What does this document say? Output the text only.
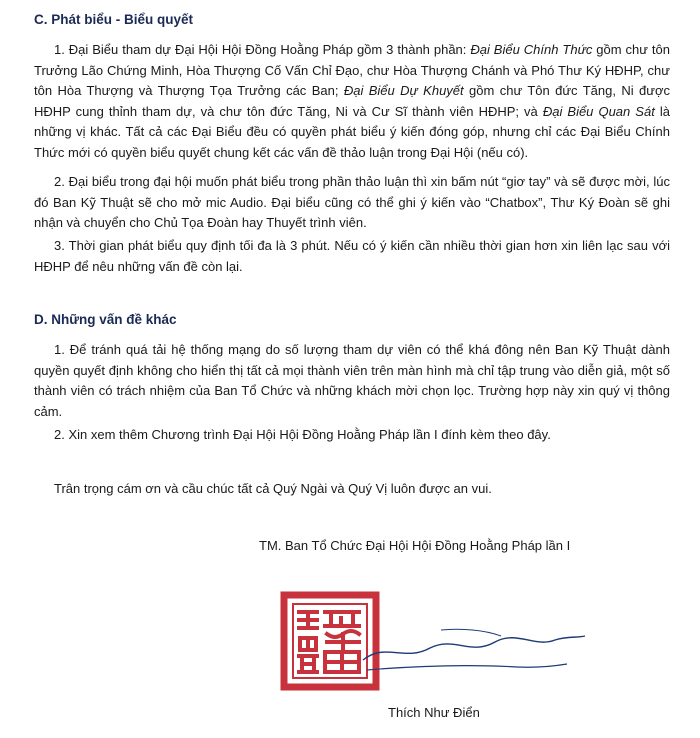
C. Phát biểu - Biểu quyết

1. Đại Biểu tham dự Đại Hội Hội Đồng Hoằng Pháp gồm 3 thành phần: Đại Biểu Chính Thức gồm chư tôn Trưởng Lão Chứng Minh, Hòa Thượng Cố Vấn Chỉ Đạo, chư Hòa Thượng Chánh và Phó Thư Ký HĐHP, chư tôn Hòa Thượng và Thượng Tọa Trưởng các Ban; Đại Biểu Dự Khuyết gồm chư Tôn đức Tăng, Ni được HĐHP cung thỉnh tham dự, và chư tôn đức Tăng, Ni và Cư Sĩ thành viên HĐHP; và Đại Biểu Quan Sát là những vị khác. Tất cả các Đại Biểu đều có quyền phát biểu ý kiến đóng góp, nhưng chỉ các Đại Biểu Chính Thức mới có quyền biểu quyết chung kết các vấn đề thảo luận trong Đại Hội (nếu có).

2. Đại biểu trong đại hội muốn phát biểu trong phần thảo luận thì xin bấm nút “giơ tay” và sẽ được mời, lúc đó Ban Kỹ Thuật sẽ cho mở mic Audio. Đại biểu cũng có thể ghi ý kiến vào “Chatbox”, Thư Ký Đoàn sẽ ghi nhận và chuyển cho Chủ Tọa Đoàn hay Thuyết trình viên.

3. Thời gian phát biểu quy định tối đa là 3 phút. Nếu có ý kiến cần nhiều thời gian hơn xin liên lạc sau với HĐHP để nêu những vấn đề còn lại.

D. Những vấn đề khác

1. Để tránh quá tải hệ thống mạng do số lượng tham dự viên có thể khá đông nên Ban Kỹ Thuật dành quyền quyết định không cho hiển thị tất cả mọi thành viên trên màn hình mà chỉ tập trung vào diễn giả, một số thành viên có trách nhiệm của Ban Tổ Chức và những khách mời chọn lọc. Trường hợp này xin quý vị thông cảm.

2. Xin xem thêm Chương trình Đại Hội Hội Đồng Hoằng Pháp lần I đính kèm theo đây.

Trân trọng cám ơn và cầu chúc tất cả Quý Ngài và Quý Vị luôn được an vui.

TM. Ban Tổ Chức Đại Hội Hội Đồng Hoằng Pháp lần I

Thích Như Điển
